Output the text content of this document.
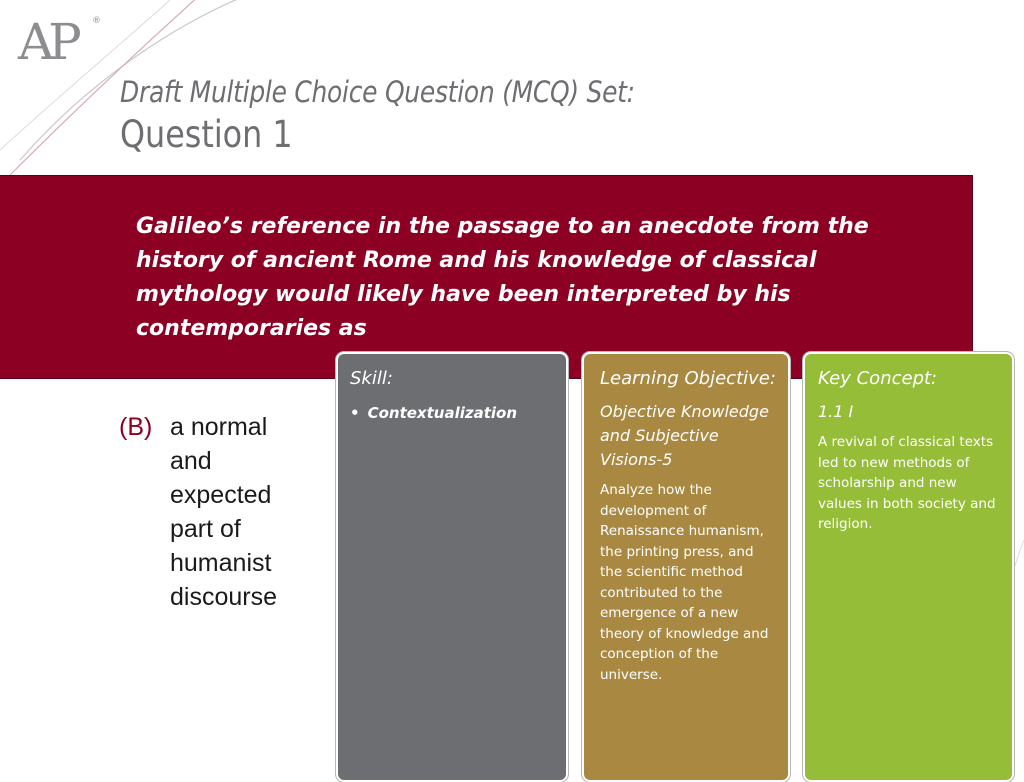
AP ®
Draft Multiple Choice Question (MCQ) Set:
Question 1
Galileo’s reference in the passage to an anecdote from the history of ancient Rome and his knowledge of classical mythology would likely have been interpreted by his contemporaries as
(B) a normal and expected part of humanist discourse
Skill:
• Contextualization
Learning Objective:
Objective Knowledge and Subjective Visions-5
Analyze how the development of Renaissance humanism, the printing press, and the scientific method contributed to the emergence of a new theory of knowledge and conception of the universe.
Key Concept:
1.1 I
A revival of classical texts led to new methods of scholarship and new values in both society and religion.
